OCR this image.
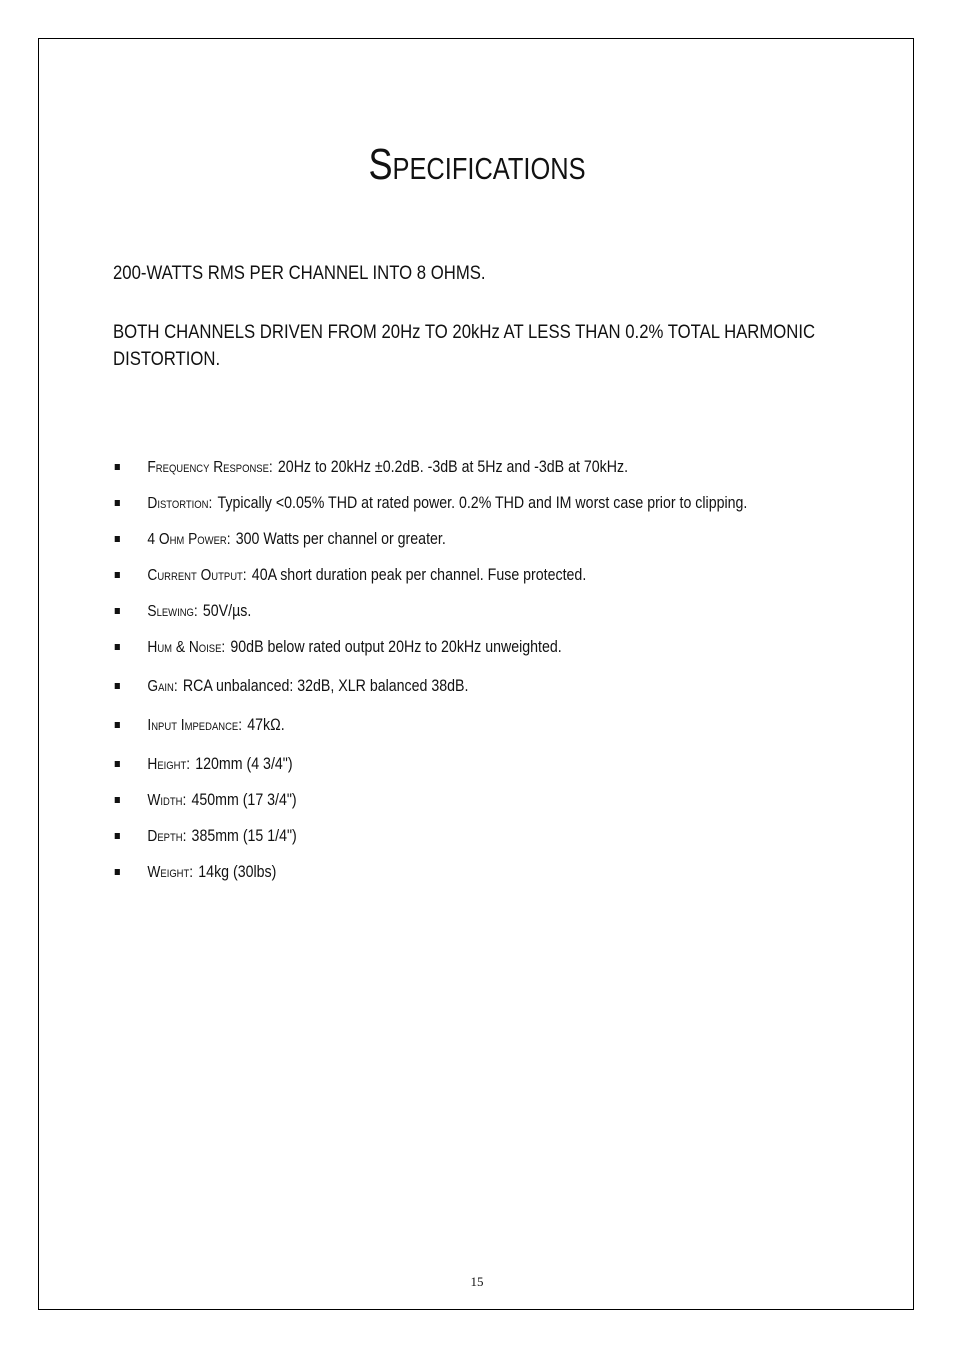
Specifications

200-WATTS RMS PER CHANNEL INTO 8 OHMS.

BOTH CHANNELS DRIVEN FROM 20Hz TO 20kHz AT LESS THAN 0.2% TOTAL HARMONIC DISTORTION.

Frequency Response: 20Hz to 20kHz ±0.2dB. -3dB at 5Hz and -3dB at 70kHz.
Distortion: Typically <0.05% THD at rated power. 0.2% THD and IM worst case prior to clipping.
4 Ohm Power: 300 Watts per channel or greater.
Current Output: 40A short duration peak per channel. Fuse protected.
Slewing: 50V/µs.
Hum & Noise: 90dB below rated output 20Hz to 20kHz unweighted.
Gain: RCA unbalanced: 32dB, XLR balanced 38dB.
Input Impedance: 47kΩ.
Height: 120mm (4 3/4")
Width: 450mm (17 3/4")
Depth: 385mm (15 1/4")
Weight: 14kg (30lbs)

15
